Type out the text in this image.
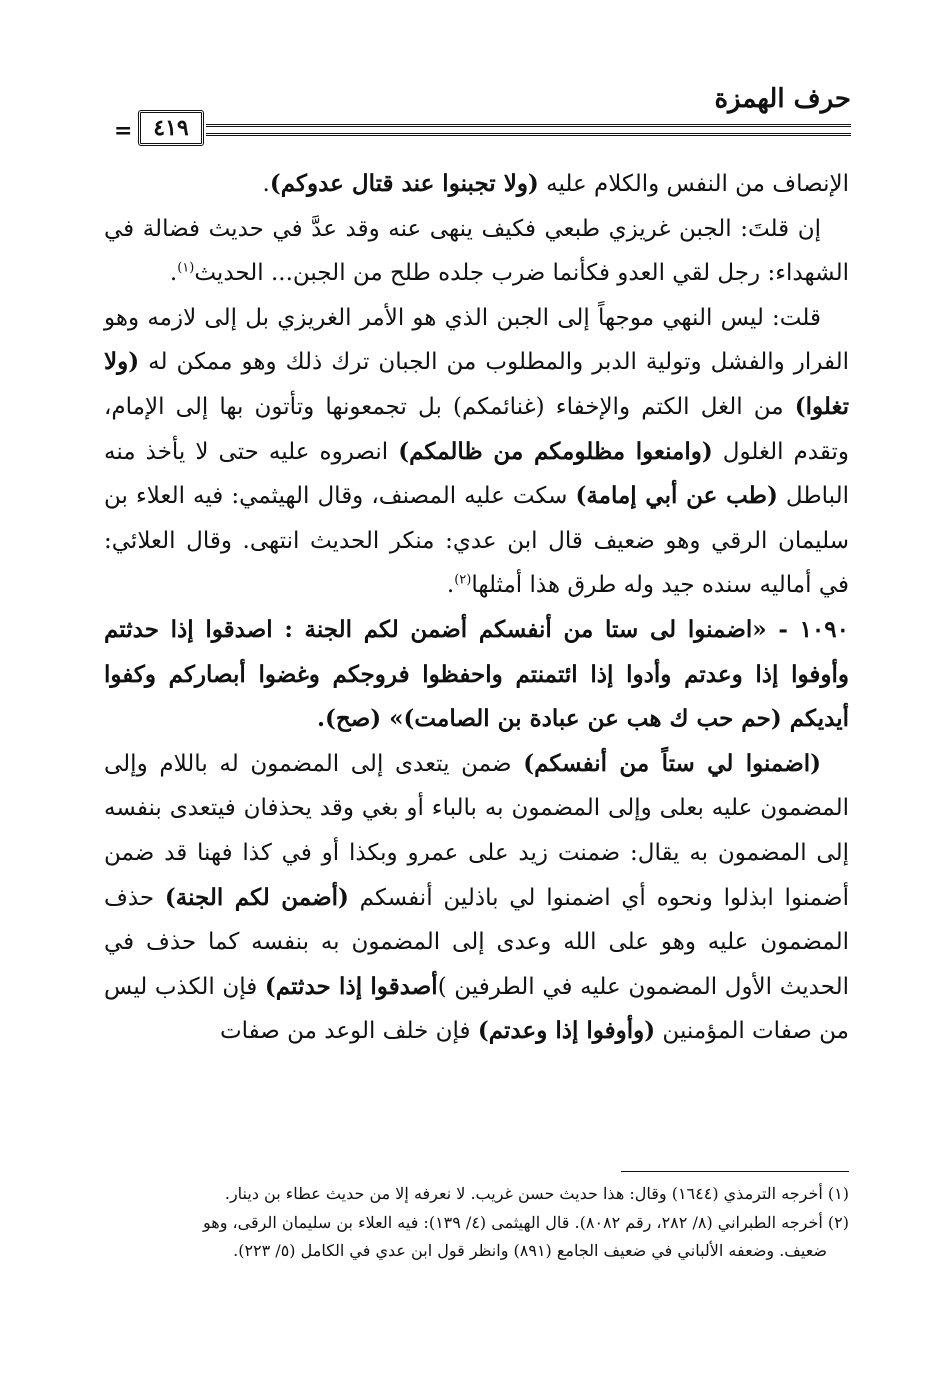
حرف الهمزة
٤١٩
=

الإنصاف من النفس والكلام عليه (ولا تجبنوا عند قتال عدوكم).

إن قلتَ: الجبن غريزي طبعي فكيف ينهى عنه وقد عدَّ في حديث فضالة في الشهداء: رجل لقي العدو فكأنما ضرب جلده طلح من الجبن... الحديث$^{(١)}$.

قلت: ليس النهي موجهاً إلى الجبن الذي هو الأمر الغريزي بل إلى لازمه وهو الفرار والفشل وتولية الدبر والمطلوب من الجبان ترك ذلك وهو ممكن له (ولا تغلوا) من الغل الكتم والإخفاء (غنائمكم) بل تجمعونها وتأتون بها إلى الإمام، وتقدم الغلول (وامنعوا مظلومكم من ظالمكم) انصروه عليه حتى لا يأخذ منه الباطل (طب عن أبي إمامة) سكت عليه المصنف، وقال الهيثمي: فيه العلاء بن سليمان الرقي وهو ضعيف قال ابن عدي: منكر الحديث انتهى. وقال العلائي: في أماليه سنده جيد وله طرق هذا أمثلها$^{(٢)}$.

١٠٩٠ - «اضمنوا لى ستا من أنفسكم أضمن لكم الجنة : اصدقوا إذا حدثتم وأوفوا إذا وعدتم وأدوا إذا ائتمنتم واحفظوا فروجكم وغضوا أبصاركم وكفوا أيديكم (حم حب ك هب عن عبادة بن الصامت)» (صح).

(اضمنوا لي ستاً من أنفسكم) ضمن يتعدى إلى المضمون له باللام وإلى المضمون عليه بعلى وإلى المضمون به بالباء أو بغي وقد يحذفان فيتعدى بنفسه إلى المضمون به يقال: ضمنت زيد على عمرو وبكذا أو في كذا فهنا قد ضمن أضمنوا ابذلوا ونحوه أي اضمنوا لي باذلين أنفسكم (أضمن لكم الجنة) حذف المضمون عليه وهو على الله وعدى إلى المضمون به بنفسه كما حذف في الحديث الأول المضمون عليه في الطرفين )أصدقوا إذا حدثتم) فإن الكذب ليس من صفات المؤمنين (وأوفوا إذا وعدتم) فإن خلف الوعد من صفات

(١) أخرجه الترمذي (١٦٤٤) وقال: هذا حديث حسن غريب. لا نعرفه إلا من حديث عطاء بن دينار.

(٢) أخرجه الطبراني (٨/ ٢٨٢، رقم ٨٠٨٢). قال الهيثمى (٤/ ١٣٩): فيه العلاء بن سليمان الرقى، وهو

ضعيف. وضعفه الألباني في ضعيف الجامع (٨٩١) وانظر قول ابن عدي في الكامل (٥/ ٢٢٣).
